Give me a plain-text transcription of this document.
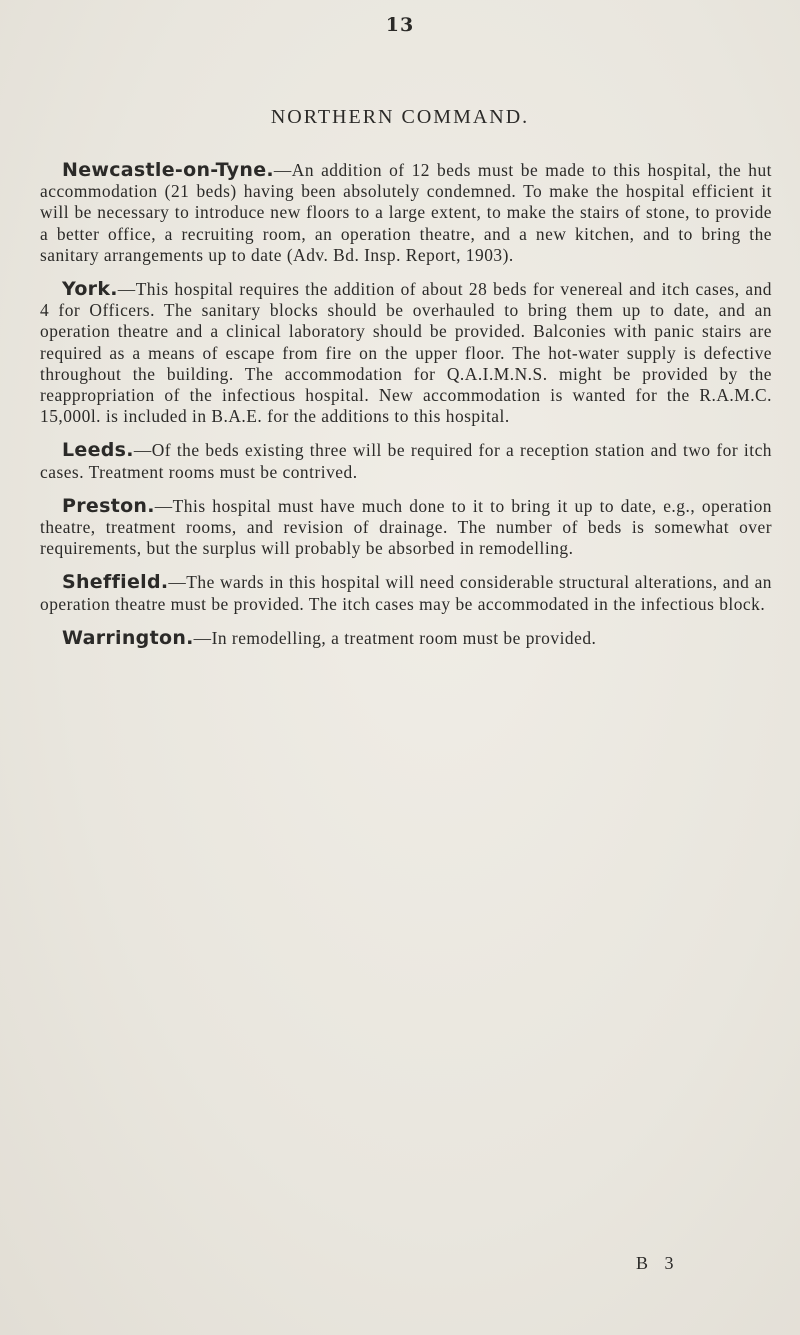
13
NORTHERN COMMAND.

Newcastle-on-Tyne.—An addition of 12 beds must be made to this hospital, the hut accommodation (21 beds) having been absolutely condemned. To make the hospital efficient it will be necessary to introduce new floors to a large extent, to make the stairs of stone, to provide a better office, a recruiting room, an operation theatre, and a new kitchen, and to bring the sanitary arrangements up to date (Adv. Bd. Insp. Report, 1903).

York.—This hospital requires the addition of about 28 beds for venereal and itch cases, and 4 for Officers. The sanitary blocks should be overhauled to bring them up to date, and an operation theatre and a clinical laboratory should be provided. Balconies with panic stairs are required as a means of escape from fire on the upper floor. The hot-water supply is defective throughout the building. The accommodation for Q.A.I.M.N.S. might be provided by the reappropriation of the infectious hospital. New accommodation is wanted for the R.A.M.C. 15,000l. is included in B.A.E. for the additions to this hospital.

Leeds.—Of the beds existing three will be required for a reception station and two for itch cases. Treatment rooms must be contrived.

Preston.—This hospital must have much done to it to bring it up to date, e.g., operation theatre, treatment rooms, and revision of drainage. The number of beds is somewhat over requirements, but the surplus will probably be absorbed in remodelling.

Sheffield.—The wards in this hospital will need considerable structural alterations, and an operation theatre must be provided. The itch cases may be accommodated in the infectious block.

Warrington.—In remodelling, a treatment room must be provided.

B 3
